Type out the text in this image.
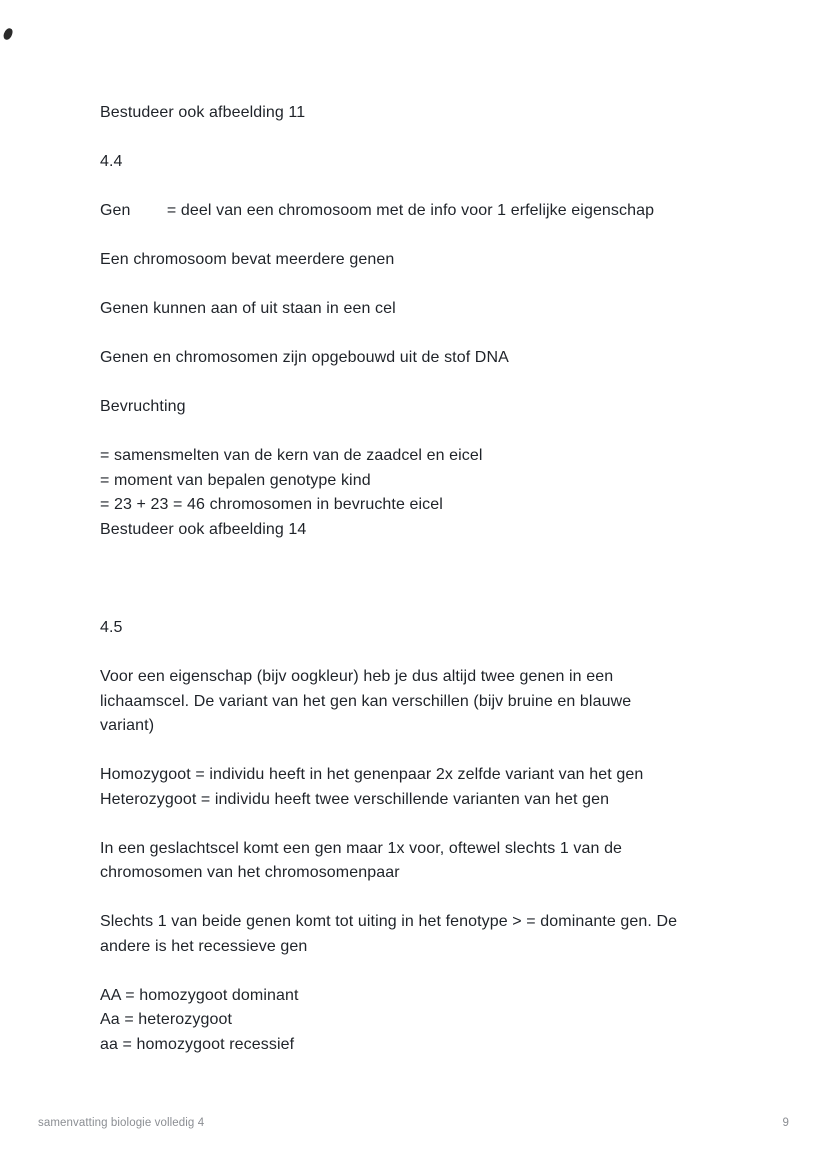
Bestudeer ook afbeelding 11

4.4

Gen        = deel van een chromosoom met de info voor 1 erfelijke eigenschap

Een chromosoom bevat meerdere genen

Genen kunnen aan of uit staan in een cel

Genen en chromosomen zijn opgebouwd uit de stof DNA

Bevruchting

= samensmelten van de kern van de zaadcel en eicel
= moment van bepalen genotype kind
= 23 + 23 = 46 chromosomen in bevruchte eicel
Bestudeer ook afbeelding 14

4.5

Voor een eigenschap (bijv oogkleur) heb je dus altijd twee genen in een
lichaamscel. De variant van het gen kan verschillen (bijv bruine en blauwe
variant)

Homozygoot = individu heeft in het genenpaar 2x zelfde variant van het gen
Heterozygoot = individu heeft twee verschillende varianten van het gen

In een geslachtscel komt een gen maar 1x voor, oftewel slechts 1 van de
chromosomen van het chromosomenpaar

Slechts 1 van beide genen komt tot uiting in het fenotype > = dominante gen. De
andere is het recessieve gen

AA = homozygoot dominant
Aa = heterozygoot
aa = homozygoot recessief

samenvatting biologie volledig 4	9
